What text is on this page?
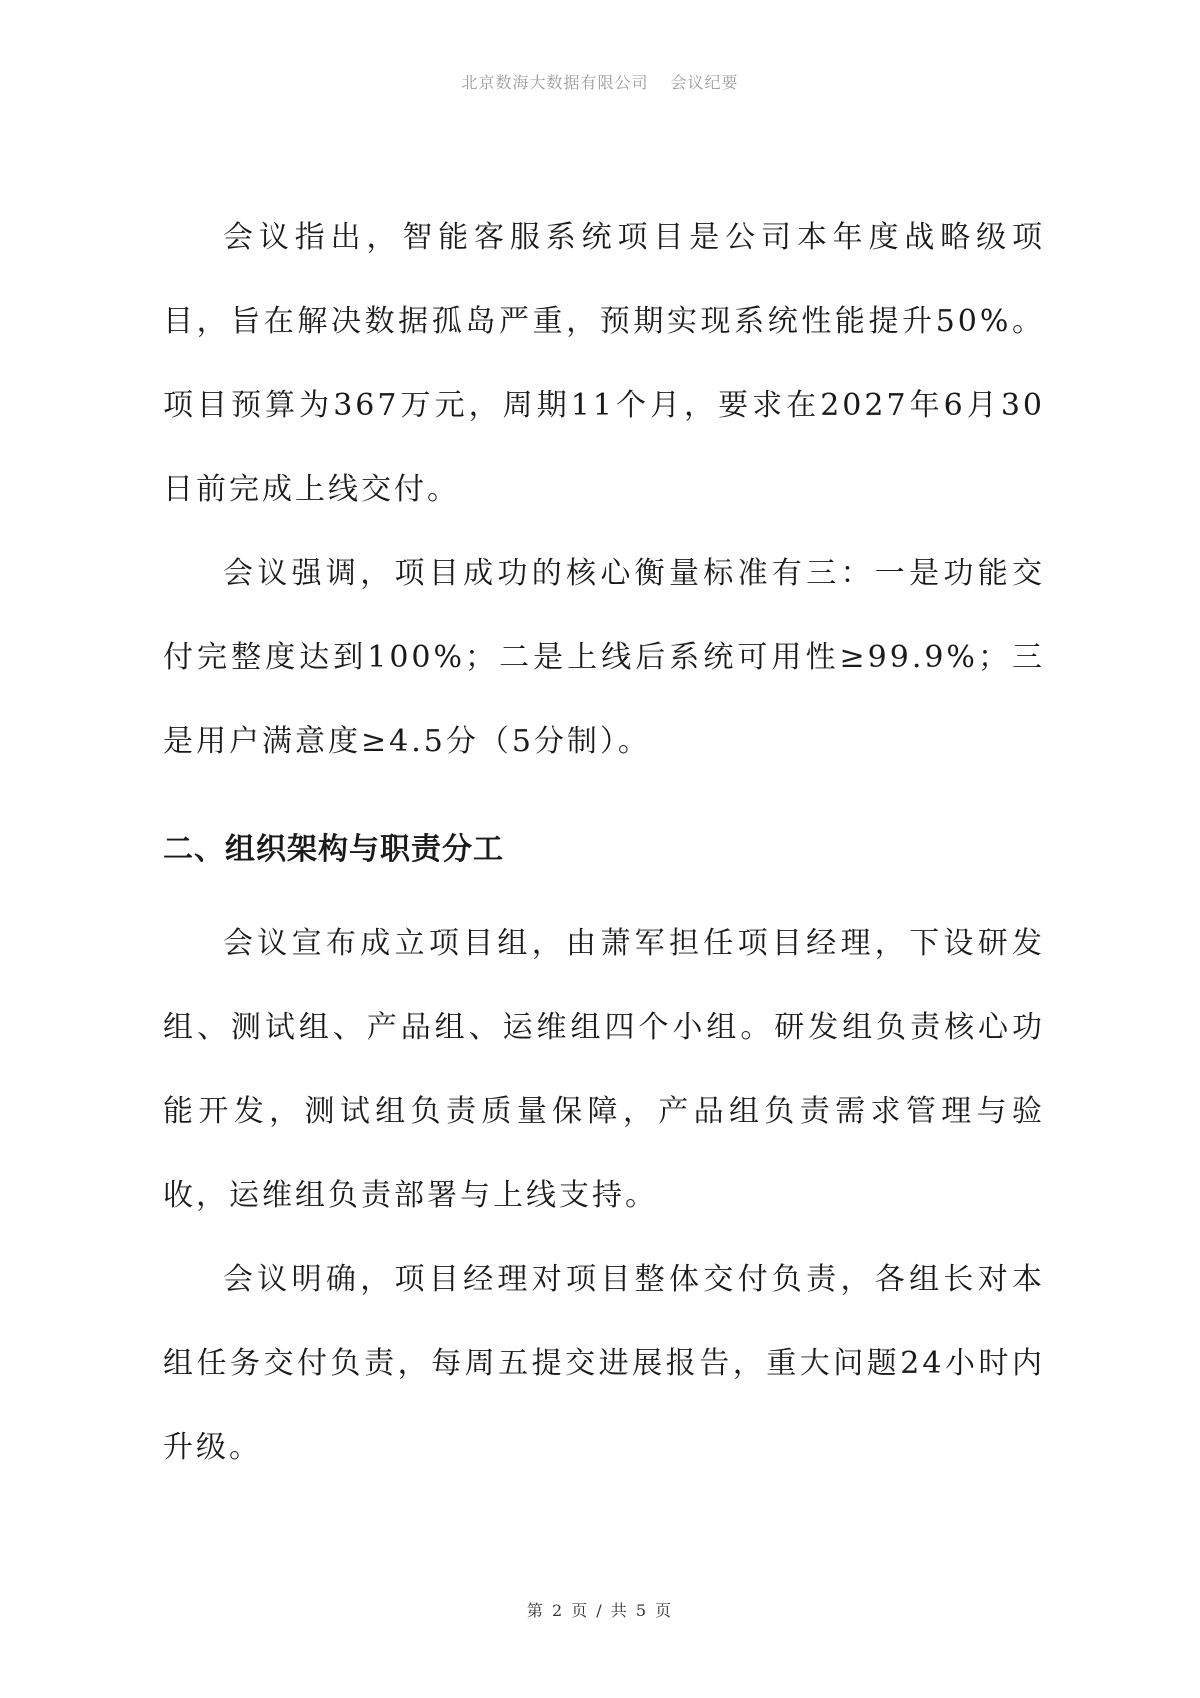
北京数海大数据有限公司 会议纪要

会议指出，智能客服系统项目是公司本年度战略级项目，旨在解决数据孤岛严重，预期实现系统性能提升50%。项目预算为367万元，周期11个月，要求在2027年6月30日前完成上线交付。

会议强调，项目成功的核心衡量标准有三：一是功能交付完整度达到100%；二是上线后系统可用性≥99.9%；三是用户满意度≥4.5分（5分制）。

二、组织架构与职责分工

会议宣布成立项目组，由萧军担任项目经理，下设研发组、测试组、产品组、运维组四个小组。研发组负责核心功能开发，测试组负责质量保障，产品组负责需求管理与验收，运维组负责部署与上线支持。

会议明确，项目经理对项目整体交付负责，各组长对本组任务交付负责，每周五提交进展报告，重大问题24小时内升级。

第 2 页 / 共 5 页
